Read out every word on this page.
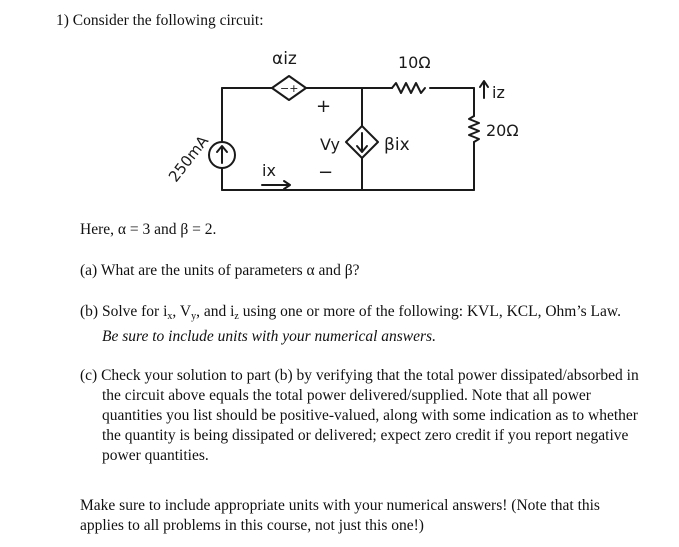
1) Consider the following circuit:
αiz
−+
10Ω
iz
20Ω
+
−
Vy	βix
ix
250mA
Here, α = 3 and β = 2.
(a) What are the units of parameters α and β?
(b) Solve for $i_x$, $V_y$, and $i_z$ using one or more of the following: KVL, KCL, Ohm’s Law. Be sure to include units with your numerical answers.
(c) Check your solution to part (b) by verifying that the total power dissipated/absorbed in the circuit above equals the total power delivered/supplied. Note that all power quantities you list should be positive-valued, along with some indication as to whether the quantity is being dissipated or delivered; expect zero credit if you report negative power quantities.
Make sure to include appropriate units with your numerical answers! (Note that this applies to all problems in this course, not just this one!)
